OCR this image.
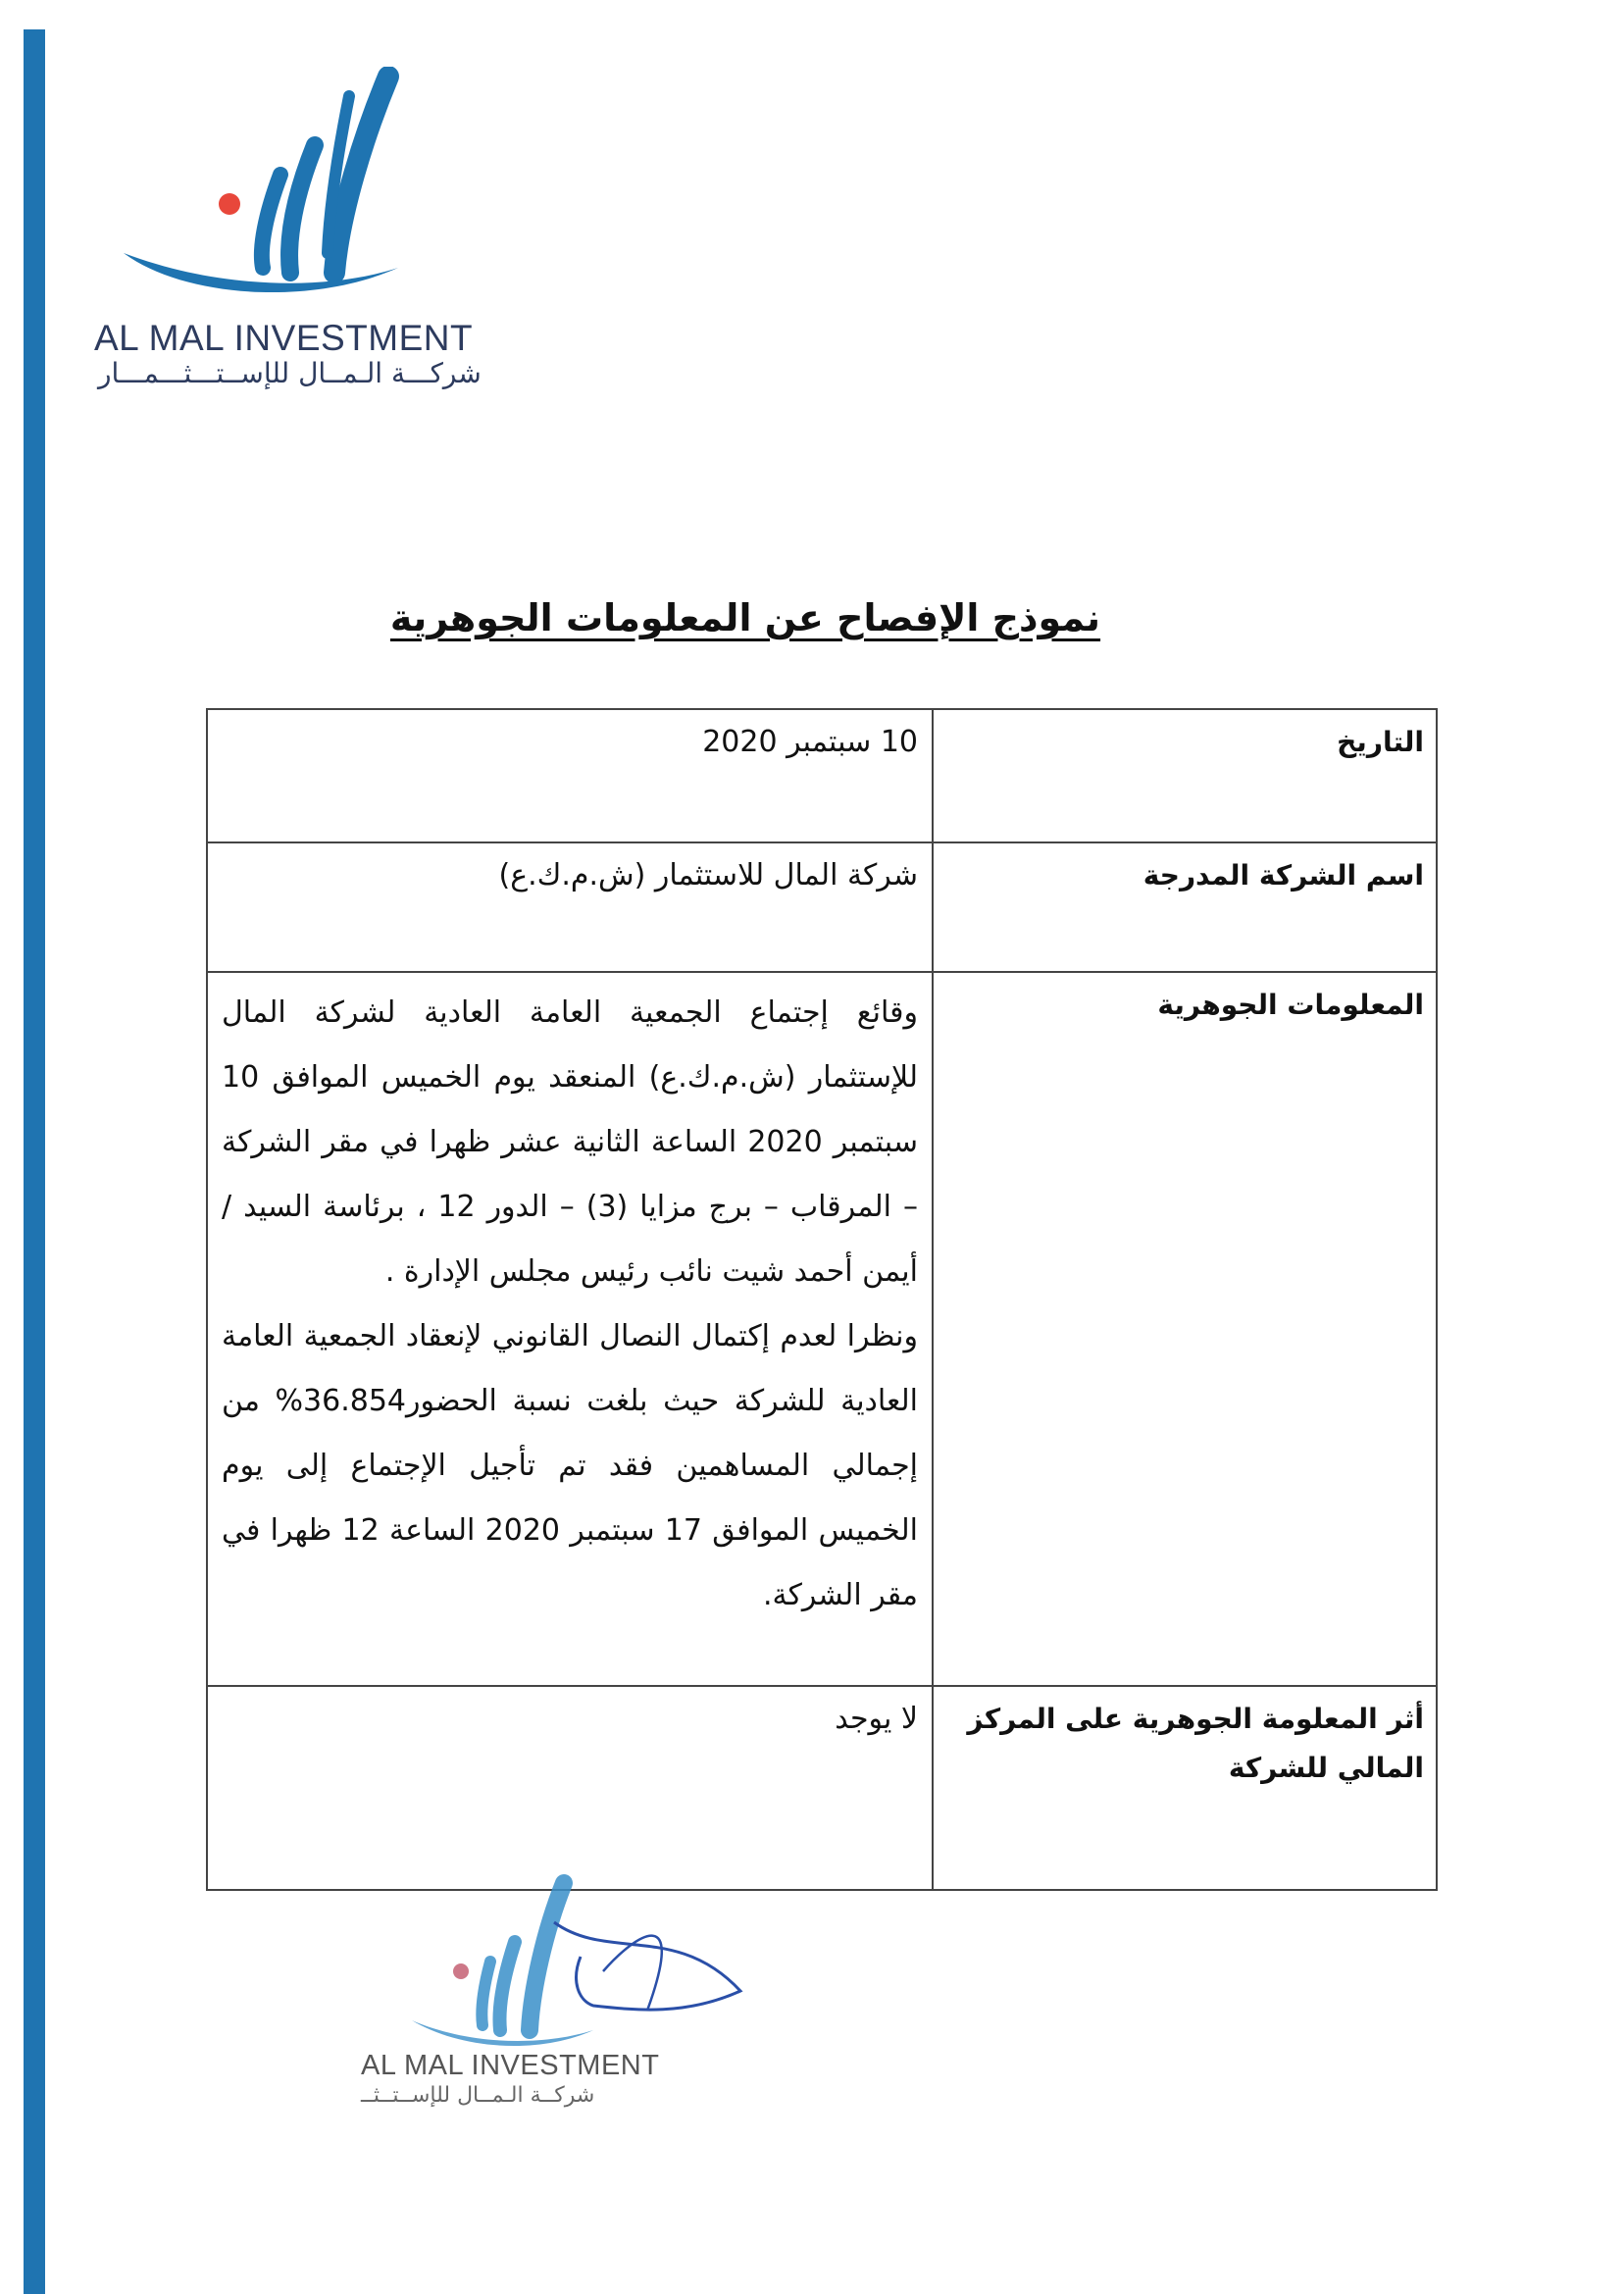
AL MAL INVESTMENT
شركـــة الـمــال للإســتـــثـــمـــار
نموذج الإفصاح عن المعلومات الجوهرية
التاريخ	10 سبتمبر 2020

اسم الشركة المدرجة	شركة المال للاستثمار (ش.م.ك.ع)

المعلومات الجوهرية	وقائع إجتماع الجمعية العامة العادية لشركة المال للإستثمار (ش.م.ك.ع) المنعقد يوم الخميس الموافق 10 سبتمبر 2020 الساعة الثانية عشر ظهرا في مقر الشركة – المرقاب – برج مزايا (3) – الدور 12 ، برئاسة السيد / أيمن أحمد شيت نائب رئيس مجلس الإدارة .
ونظرا لعدم إكتمال النصال القانوني لإنعقاد الجمعية العامة العادية للشركة حيث بلغت نسبة الحضور36.854% من إجمالي المساهمين فقد تم تأجيل الإجتماع إلى يوم الخميس الموافق 17 سبتمبر 2020 الساعة 12 ظهرا في مقر الشركة.

أثر المعلومة الجوهرية على المركز المالي للشركة	لا يوجد
AL MAL INVESTMENT
شركــة الـمــال للإســتــثــ
